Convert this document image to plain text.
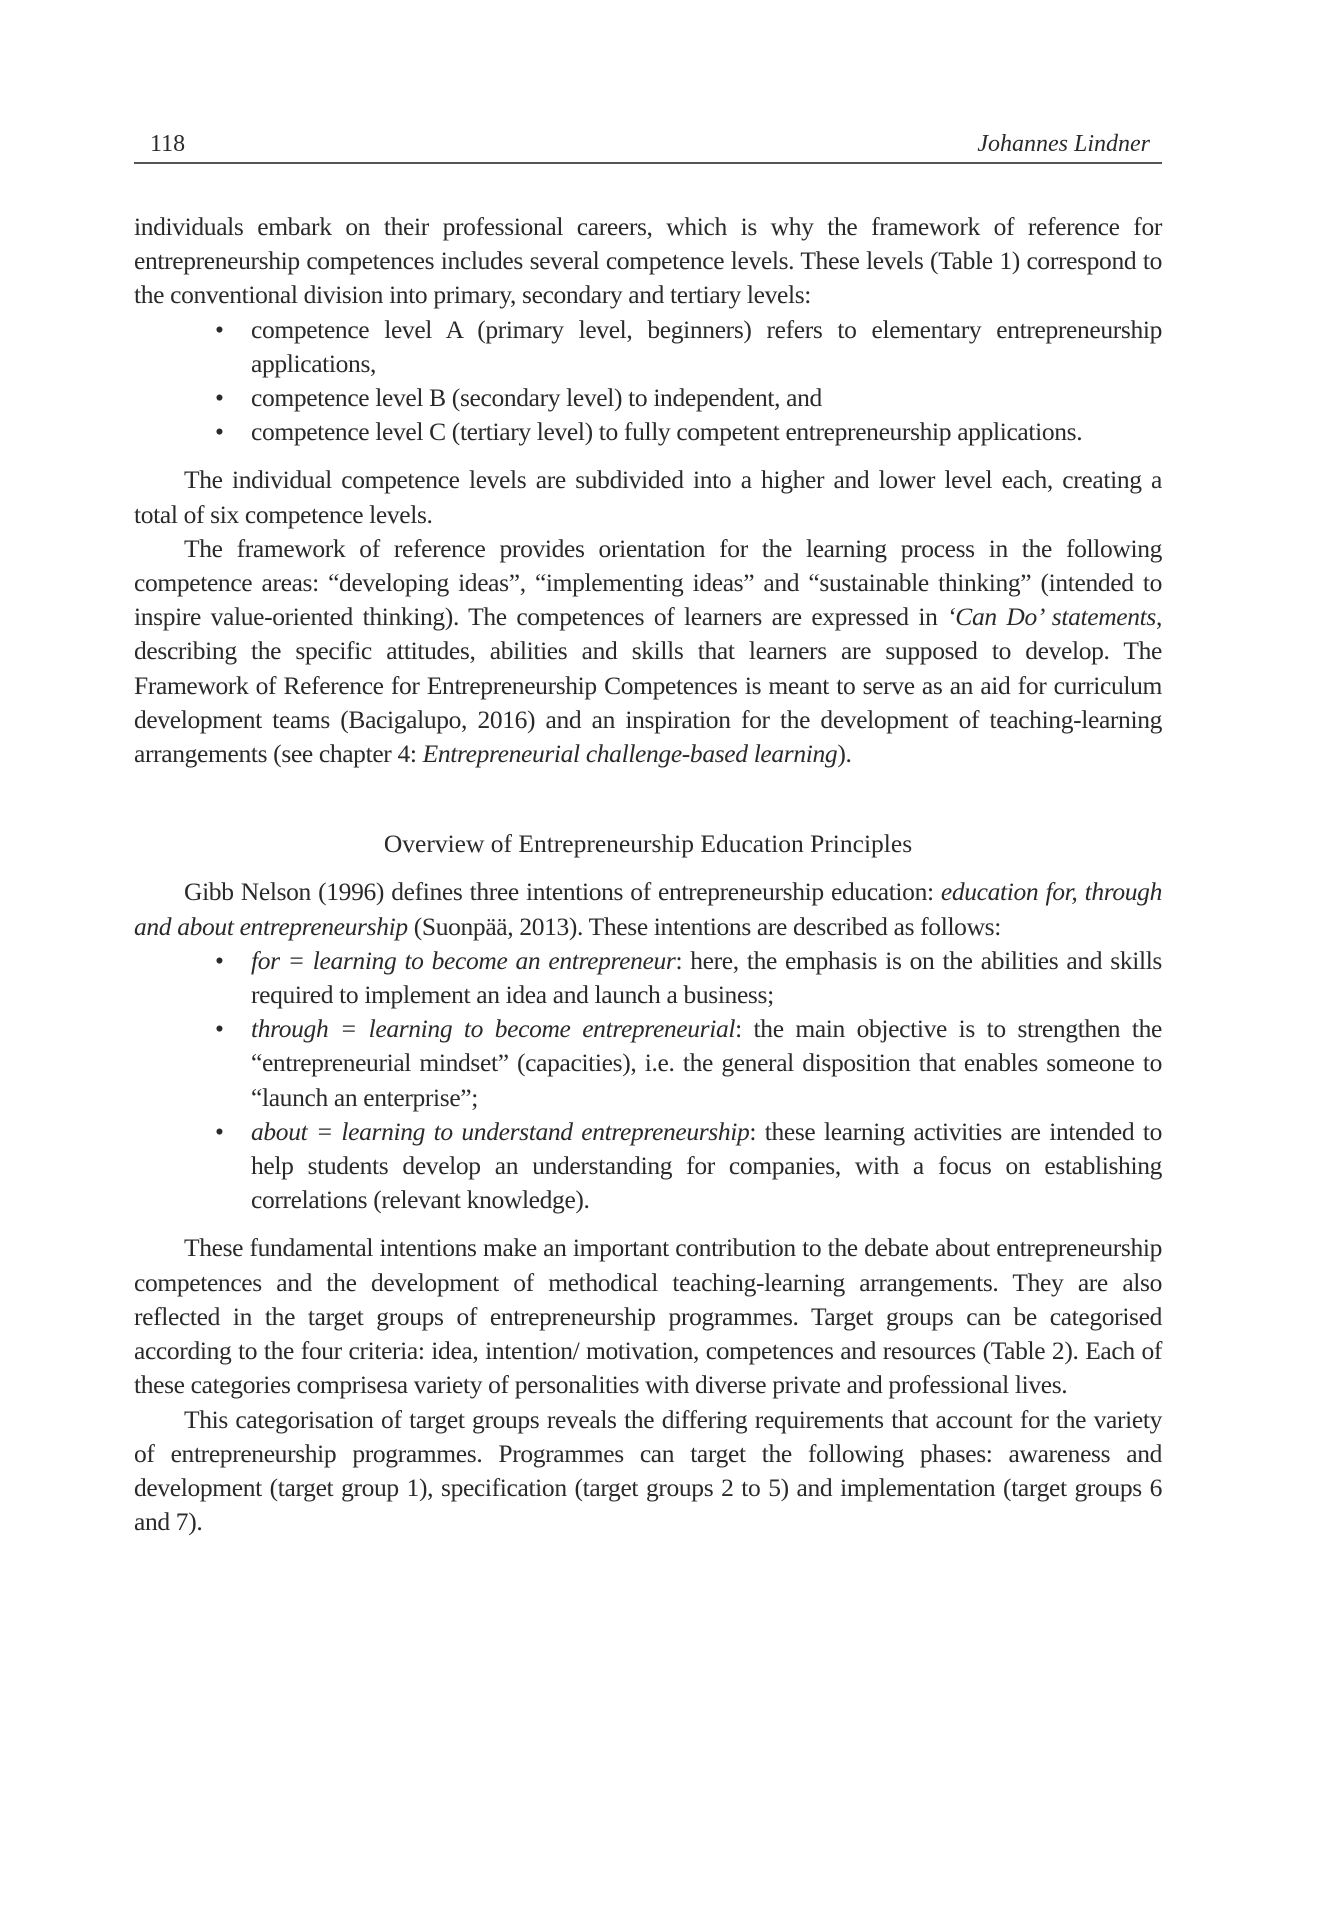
118	Johannes Lindner

individuals embark on their professional careers, which is why the framework of reference for entrepreneurship competences includes several competence levels. These levels (Table 1) correspond to the conventional division into primary, secondary and tertiary levels:

• competence level A (primary level, beginners) refers to elementary entrepreneurship applications,
• competence level B (secondary level) to independent, and
• competence level C (tertiary level) to fully competent entrepreneurship applications.

The individual competence levels are subdivided into a higher and lower level each, creating a total of six competence levels.

The framework of reference provides orientation for the learning process in the following competence areas: “developing ideas”, “implementing ideas” and “sustainable thinking” (intended to inspire value-oriented thinking). The competences of learners are expressed in ‘Can Do’ statements, describing the specific attitudes, abilities and skills that learners are supposed to develop. The Framework of Reference for Entrepreneurship Competences is meant to serve as an aid for curriculum development teams (Bacigalupo, 2016) and an inspiration for the development of teaching-learning arrangements (see chapter 4: Entrepreneurial challenge-based learning).

Overview of Entrepreneurship Education Principles

Gibb Nelson (1996) defines three intentions of entrepreneurship education: education for, through and about entrepreneurship (Suonpää, 2013). These intentions are described as follows:

• for = learning to become an entrepreneur: here, the emphasis is on the abilities and skills required to implement an idea and launch a business;
• through = learning to become entrepreneurial: the main objective is to strengthen the “entrepreneurial mindset” (capacities), i.e. the general disposition that enables someone to “launch an enterprise”;
• about = learning to understand entrepreneurship: these learning activities are intended to help students develop an understanding for companies, with a focus on establishing correlations (relevant knowledge).

These fundamental intentions make an important contribution to the debate about entrepreneurship competences and the development of methodical teaching-learning arrangements. They are also reflected in the target groups of entrepreneurship programmes. Target groups can be categorised according to the four criteria: idea, intention/ motivation, competences and resources (Table 2). Each of these categories comprisesa variety of personalities with diverse private and professional lives.

This categorisation of target groups reveals the differing requirements that account for the variety of entrepreneurship programmes. Programmes can target the following phases: awareness and development (target group 1), specification (target groups 2 to 5) and implementation (target groups 6 and 7).
